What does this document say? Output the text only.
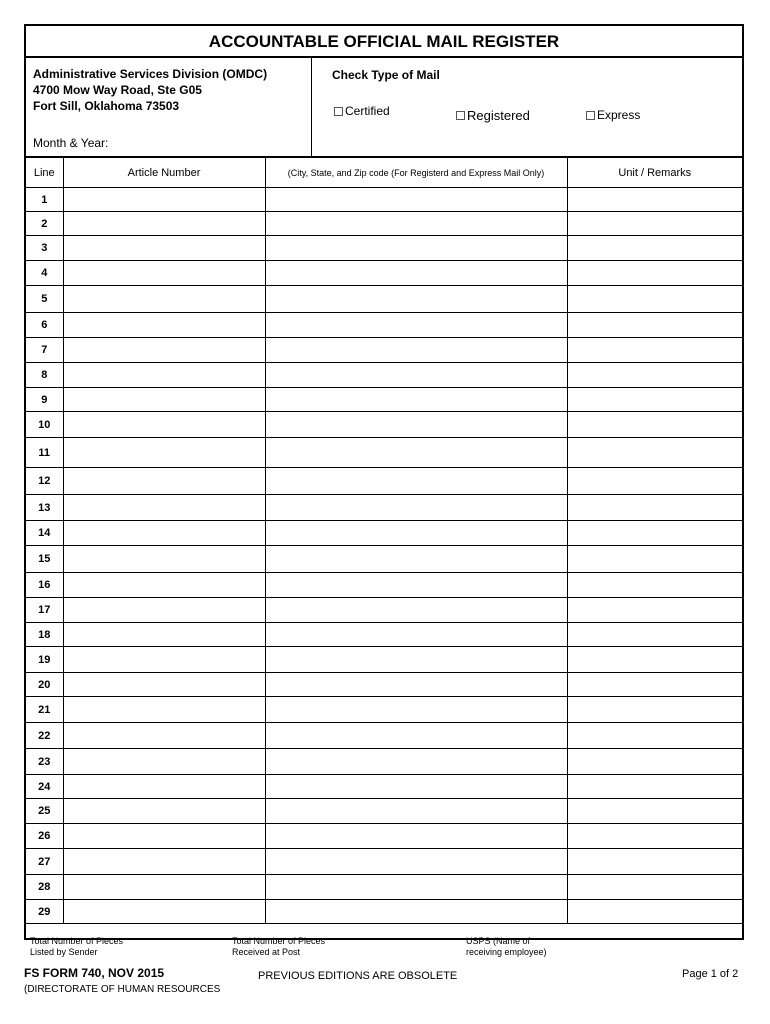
ACCOUNTABLE OFFICIAL MAIL REGISTER
Administrative Services Division (OMDC)
4700 Mow Way Road, Ste G05
Fort Sill, Oklahoma 73503
Month & Year:
Check Type of Mail
Certified	Registered	Express
Line	Article Number	(City, State, and Zip code (For Registerd and Express Mail Only)	Unit / Remarks
1			
2			
3			
4			
5			
6			
7			
8			
9			
10			
11			
12			
13			
14			
15			
16			
17			
18			
19			
20			
21			
22			
23			
24			
25			
26			
27			
28			
29			
Total Number of Pieces
Listed by Sender
Total Number of Pieces
Received at Post
USPS (Name of
receiving employee)
FS FORM 740, NOV 2015
(DIRECTORATE OF HUMAN RESOURCES
PREVIOUS EDITIONS ARE OBSOLETE	Page 1 of 2
